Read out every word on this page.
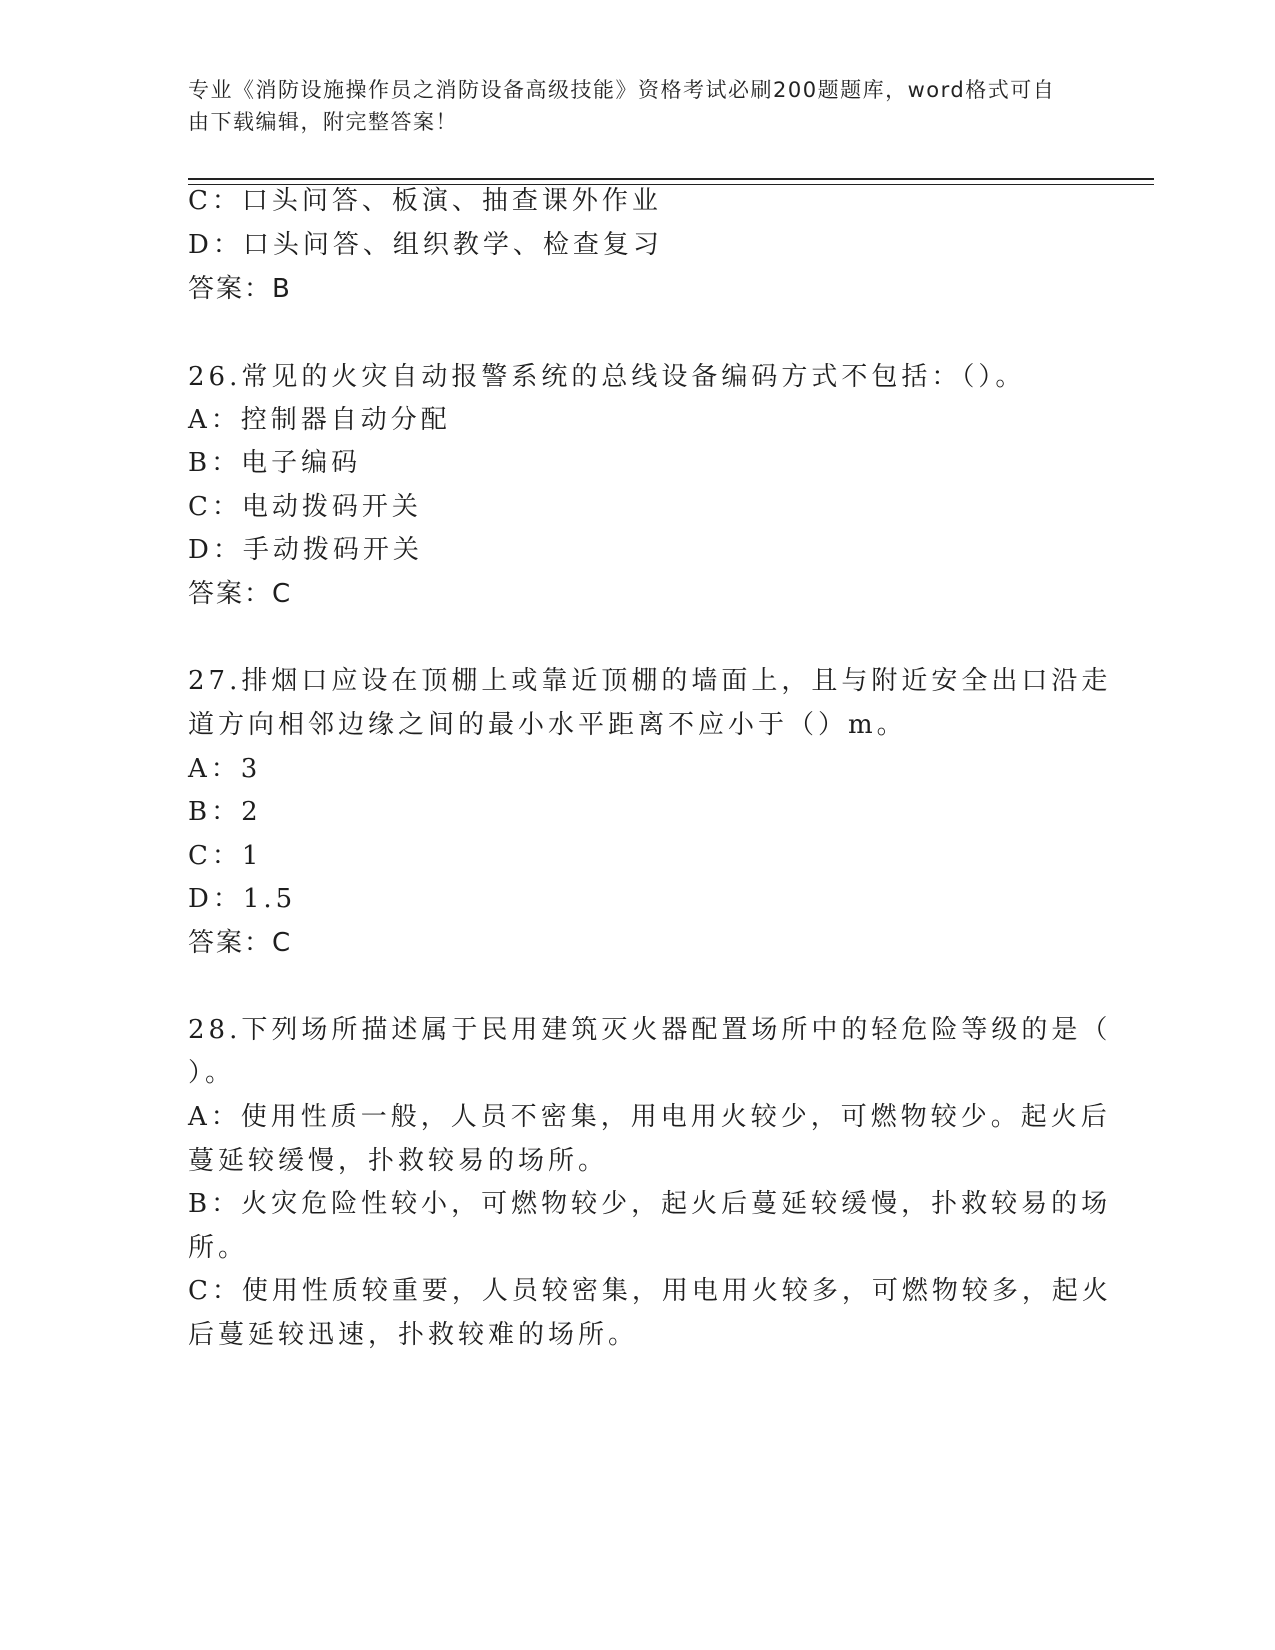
专业《消防设施操作员之消防设备高级技能》资格考试必刷200题题库，word格式可自由下载编辑，附完整答案！
C：口头问答、板演、抽查课外作业
D：口头问答、组织教学、检查复习
答案：B
26.常见的火灾自动报警系统的总线设备编码方式不包括：（）。
A：控制器自动分配
B：电子编码
C：电动拨码开关
D：手动拨码开关
答案：C
27.排烟口应设在顶棚上或靠近顶棚的墙面上，且与附近安全出口沿走
道方向相邻边缘之间的最小水平距离不应小于（）m。
A：3
B：2
C：1
D：1.5
答案：C
28.下列场所描述属于民用建筑灭火器配置场所中的轻危险等级的是（
）。
A：使用性质一般，人员不密集，用电用火较少，可燃物较少。起火后
蔓延较缓慢，扑救较易的场所。
B：火灾危险性较小，可燃物较少，起火后蔓延较缓慢，扑救较易的场
所。
C：使用性质较重要，人员较密集，用电用火较多，可燃物较多，起火
后蔓延较迅速，扑救较难的场所。
